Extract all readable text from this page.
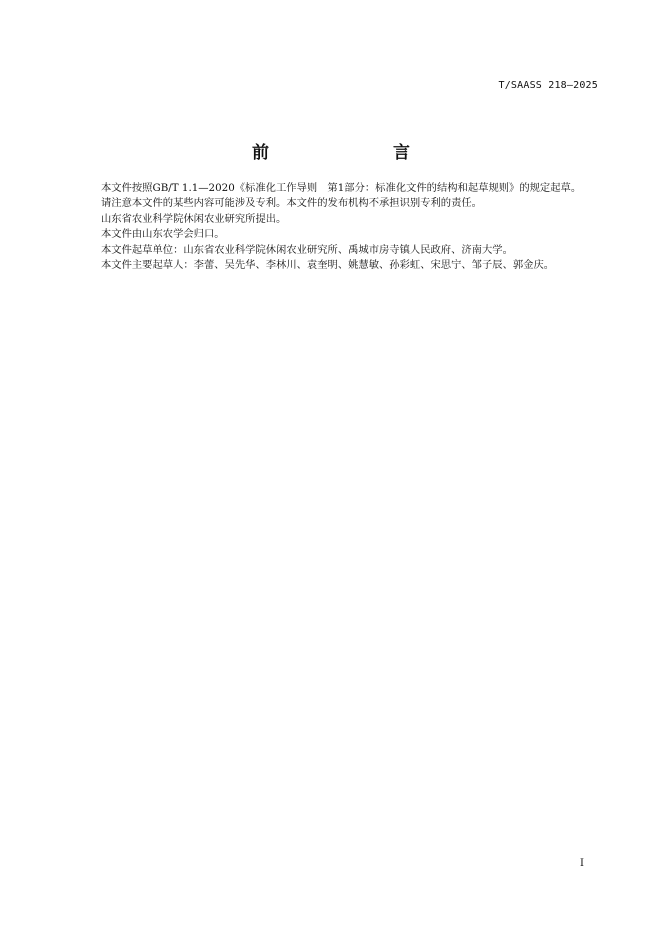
T/SAASS 218—2025
前　　言

本文件按照GB/T 1.1—2020《标准化工作导则　第1部分：标准化文件的结构和起草规则》的规定起草。

请注意本文件的某些内容可能涉及专利。本文件的发布机构不承担识别专利的责任。

山东省农业科学院休闲农业研究所提出。

本文件由山东农学会归口。

本文件起草单位：山东省农业科学院休闲农业研究所、禹城市房寺镇人民政府、济南大学。

本文件主要起草人：李蕾、吴先华、李林川、袁奎明、姚慧敏、孙彩虹、宋思宁、邹子辰、郭金庆。

I
